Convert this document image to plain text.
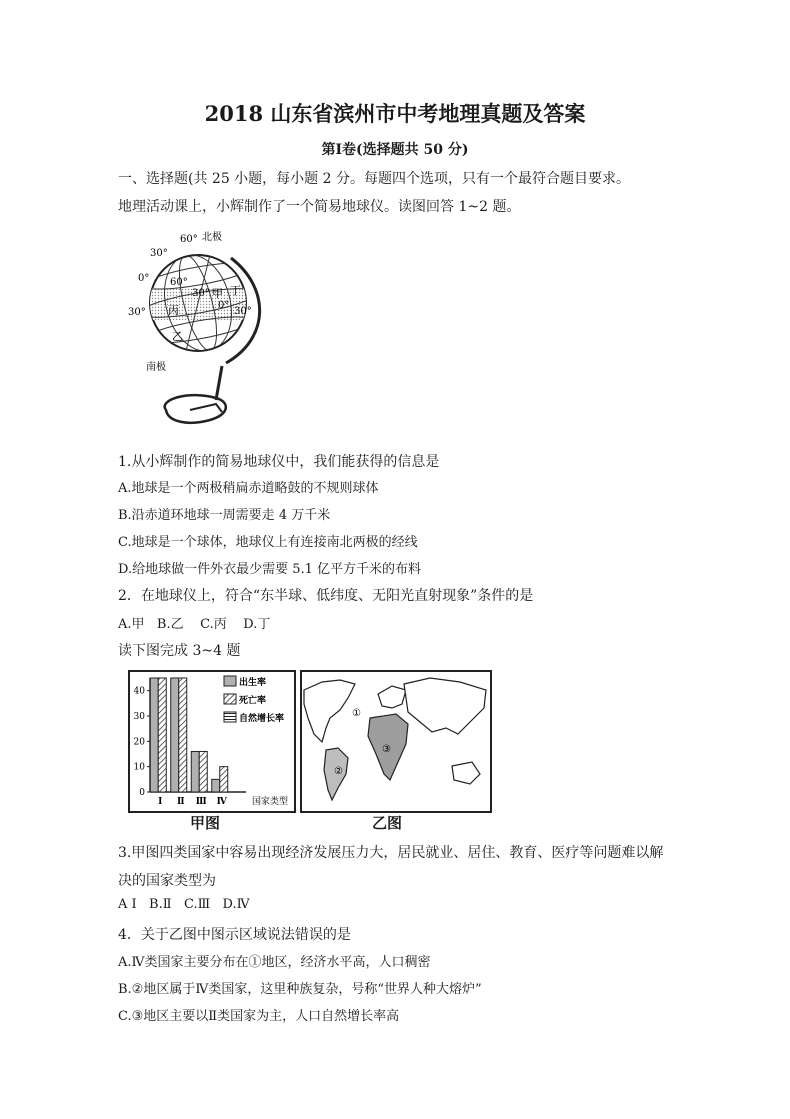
2018 山东省滨州市中考地理真题及答案
第Ⅰ卷(选择题共 50 分)
一、选择题(共 25 小题，每小题 2 分。每题四个选项，只有一个最符合题目要求。
地理活动课上，小辉制作了一个简易地球仪。读图回答 1~2 题。
北极
60°
30°
0°
30°
60°
30° 甲 丁
0°
30°
丙
乙
南极
1.从小辉制作的简易地球仪中，我们能获得的信息是
A.地球是一个两极稍扁赤道略鼓的不规则球体
B.沿赤道环地球一周需要走 4 万千米
C.地球是一个球体，地球仪上有连接南北两极的经线
D.给地球做一件外衣最少需要 5.1 亿平方千米的布料
2．在地球仪上，符合“东半球、低纬度、无阳光直射现象”条件的是
A.甲   B.乙    C.丙    D.丁
读下图完成 3~4 题
0
10
20
30
40
Ⅰ Ⅱ Ⅲ Ⅳ
出生率
死亡率
自然增长率
国家类型
甲图
①
②
③
乙图
3.甲图四类国家中容易出现经济发展压力大，居民就业、居住、教育、医疗等问题难以解
决的国家类型为
A Ⅰ   B.Ⅱ   C.Ⅲ   D.Ⅳ
4．关于乙图中图示区域说法错误的是
A.Ⅳ类国家主要分布在①地区，经济水平高，人口稠密
B.②地区属于Ⅳ类国家，这里种族复杂，号称“世界人种大熔炉”
C.③地区主要以Ⅱ类国家为主，人口自然增长率高
